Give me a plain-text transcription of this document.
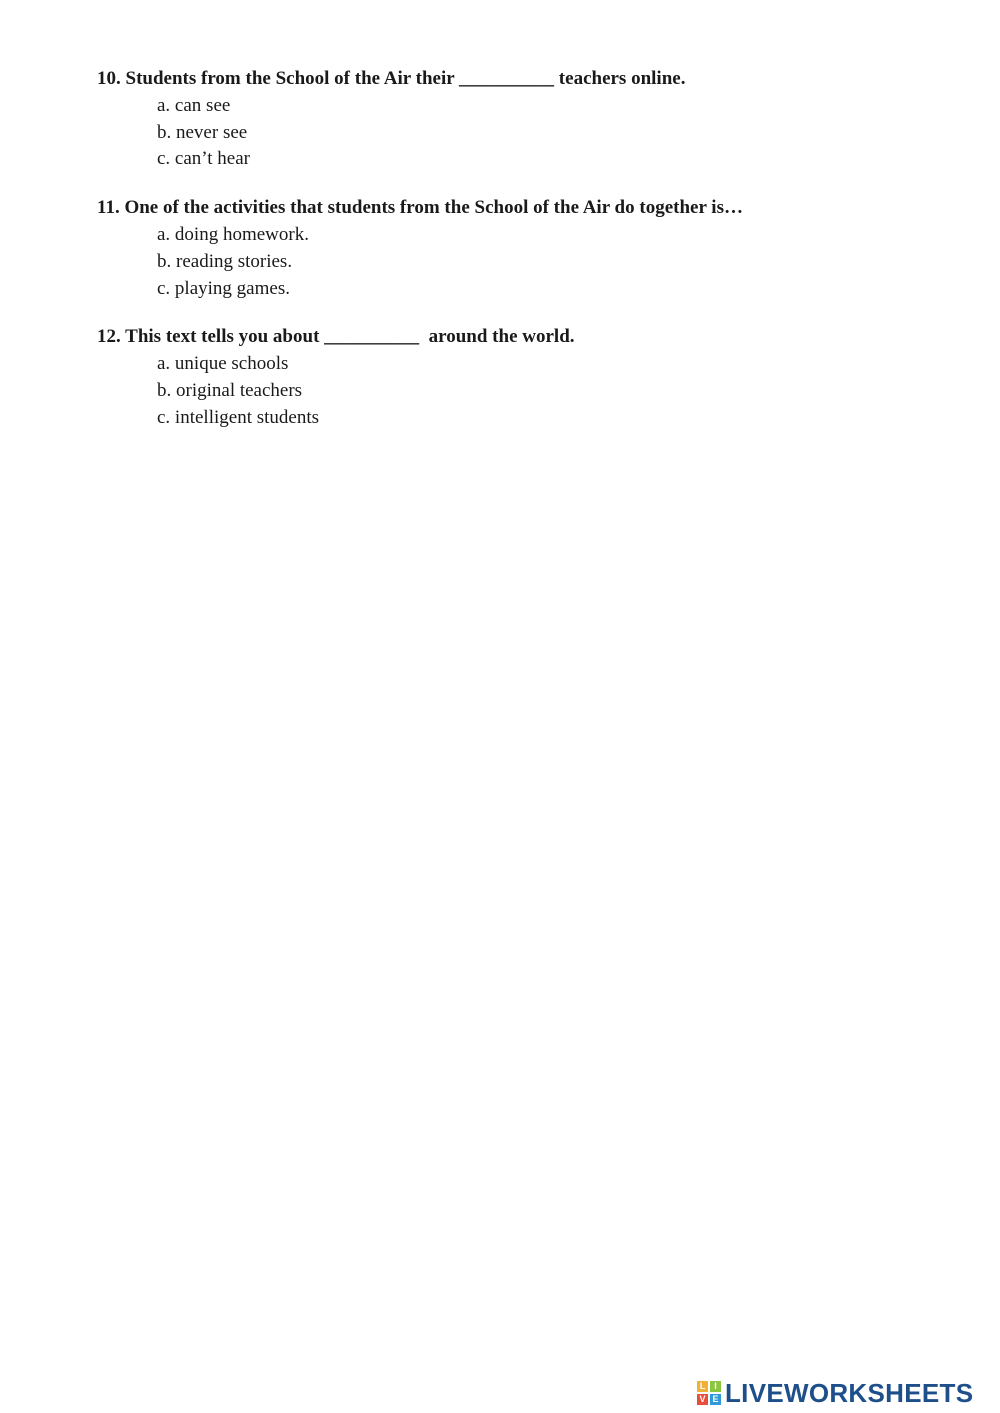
10. Students from the School of the Air their __________ teachers online.

a. can see
b. never see
c. can’t hear

11. One of the activities that students from the School of the Air do together is…

a. doing homework.
b. reading stories.
c. playing games.

12. This text tells you about __________  around the world.

a. unique schools
b. original teachers
c. intelligent students
L I
V E LIVEWORKSHEETS
